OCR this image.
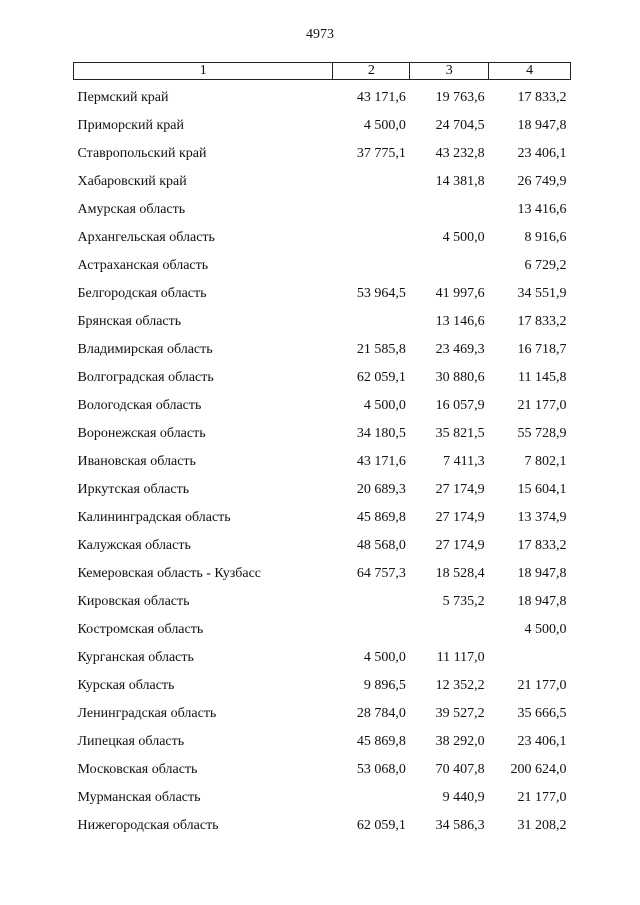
4973
1	2	3	4
Пермский край	43 171,6	19 763,6	17 833,2
Приморский край	4 500,0	24 704,5	18 947,8
Ставропольский край	37 775,1	43 232,8	23 406,1
Хабаровский край		14 381,8	26 749,9
Амурская область			13 416,6
Архангельская область		4 500,0	8 916,6
Астраханская область			6 729,2
Белгородская область	53 964,5	41 997,6	34 551,9
Брянская область		13 146,6	17 833,2
Владимирская область	21 585,8	23 469,3	16 718,7
Волгоградская область	62 059,1	30 880,6	11 145,8
Вологодская область	4 500,0	16 057,9	21 177,0
Воронежская область	34 180,5	35 821,5	55 728,9
Ивановская область	43 171,6	7 411,3	7 802,1
Иркутская область	20 689,3	27 174,9	15 604,1
Калининградская область	45 869,8	27 174,9	13 374,9
Калужская область	48 568,0	27 174,9	17 833,2
Кемеровская область - Кузбасс	64 757,3	18 528,4	18 947,8
Кировская область		5 735,2	18 947,8
Костромская область			4 500,0
Курганская область	4 500,0	11 117,0	
Курская область	9 896,5	12 352,2	21 177,0
Ленинградская область	28 784,0	39 527,2	35 666,5
Липецкая область	45 869,8	38 292,0	23 406,1
Московская область	53 068,0	70 407,8	200 624,0
Мурманская область		9 440,9	21 177,0
Нижегородская область	62 059,1	34 586,3	31 208,2
